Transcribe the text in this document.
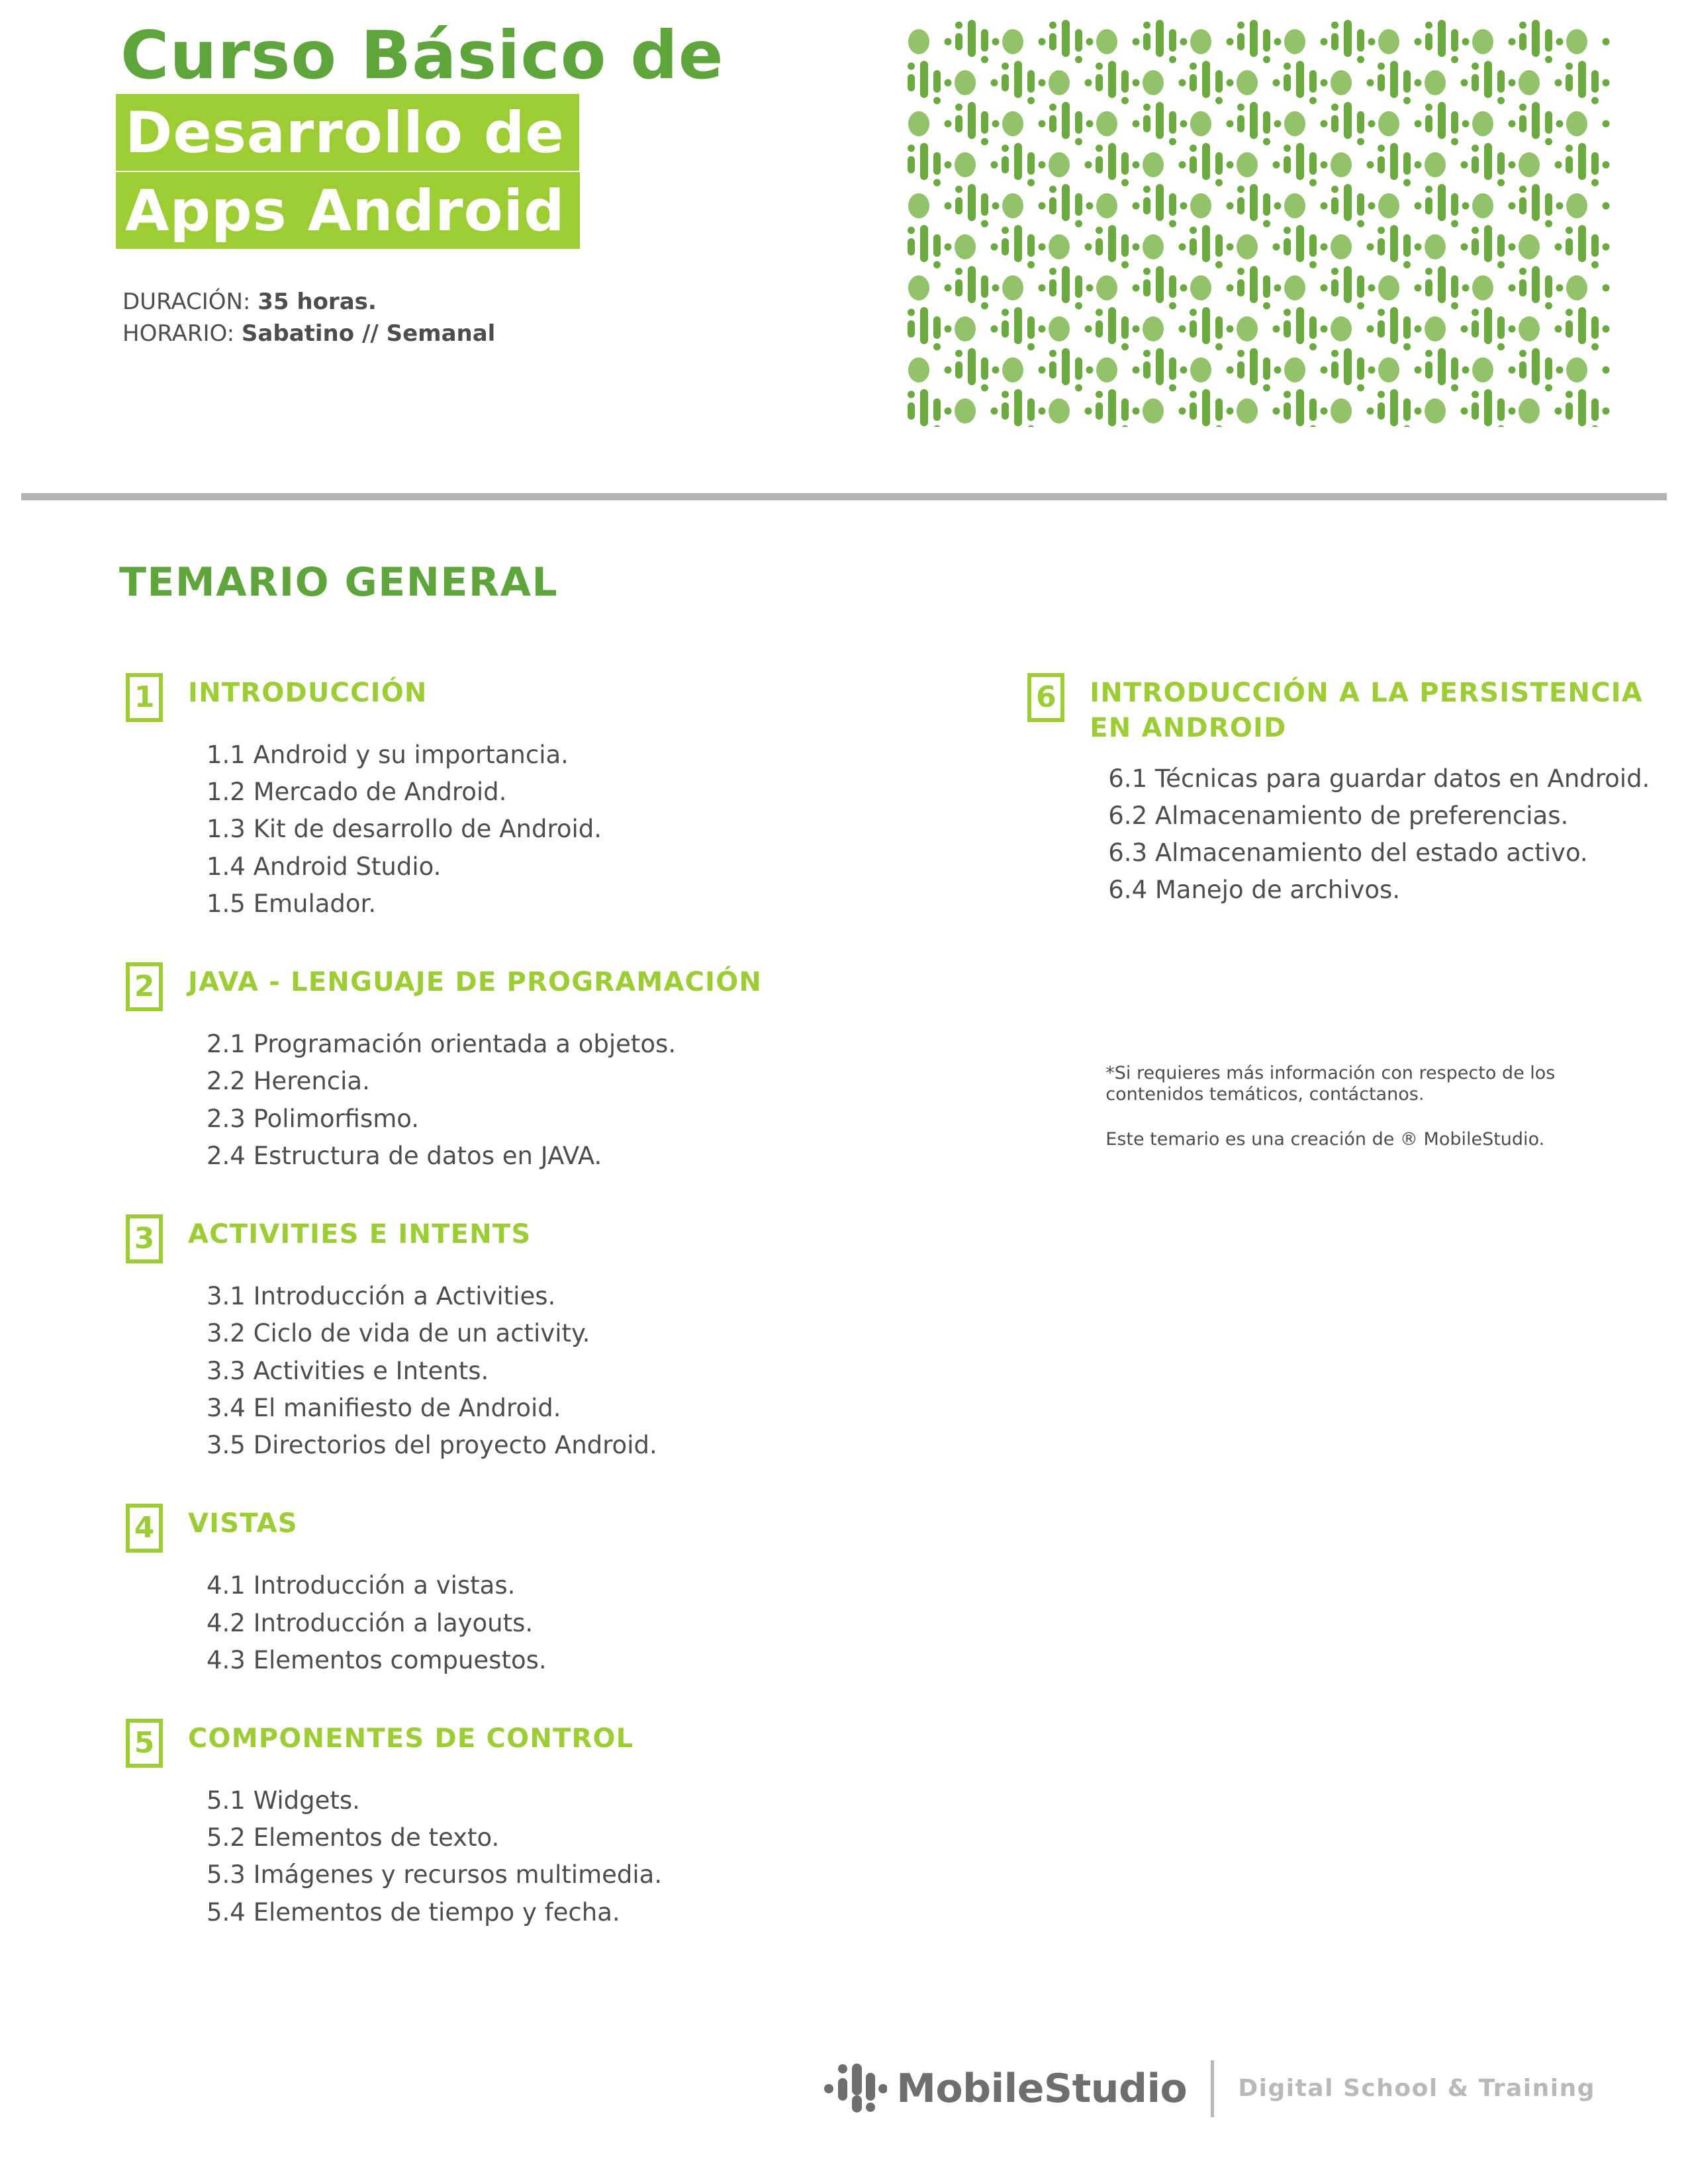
Curso Básico de
Desarrollo de Apps Android
DURACIÓN: 35 horas.
HORARIO: Sabatino // Semanal
TEMARIO GENERAL
1	INTRODUCCIÓN
1.1 Android y su importancia.
1.2 Mercado de Android.
1.3 Kit de desarrollo de Android.
1.4 Android Studio.
1.5 Emulador.
2	JAVA - LENGUAJE DE PROGRAMACIÓN
2.1 Programación orientada a objetos.
2.2 Herencia.
2.3 Polimorfismo.
2.4 Estructura de datos en JAVA.
3	ACTIVITIES E INTENTS
3.1 Introducción a Activities.
3.2 Ciclo de vida de un activity.
3.3 Activities e Intents.
3.4 El manifiesto de Android.
3.5 Directorios del proyecto Android.
4	VISTAS
4.1 Introducción a vistas.
4.2 Introducción a layouts.
4.3 Elementos compuestos.
5	COMPONENTES DE CONTROL
5.1 Widgets.
5.2 Elementos de texto.
5.3 Imágenes y recursos multimedia.
5.4 Elementos de tiempo y fecha.
6	INTRODUCCIÓN A LA PERSISTENCIA EN ANDROID
6.1 Técnicas para guardar datos en Android.
6.2 Almacenamiento de preferencias.
6.3 Almacenamiento del estado activo.
6.4 Manejo de archivos.

*Si requieres más información con respecto de los contenidos temáticos, contáctanos.

Este temario es una creación de ® MobileStudio.

MobileStudio Digital School & Training
